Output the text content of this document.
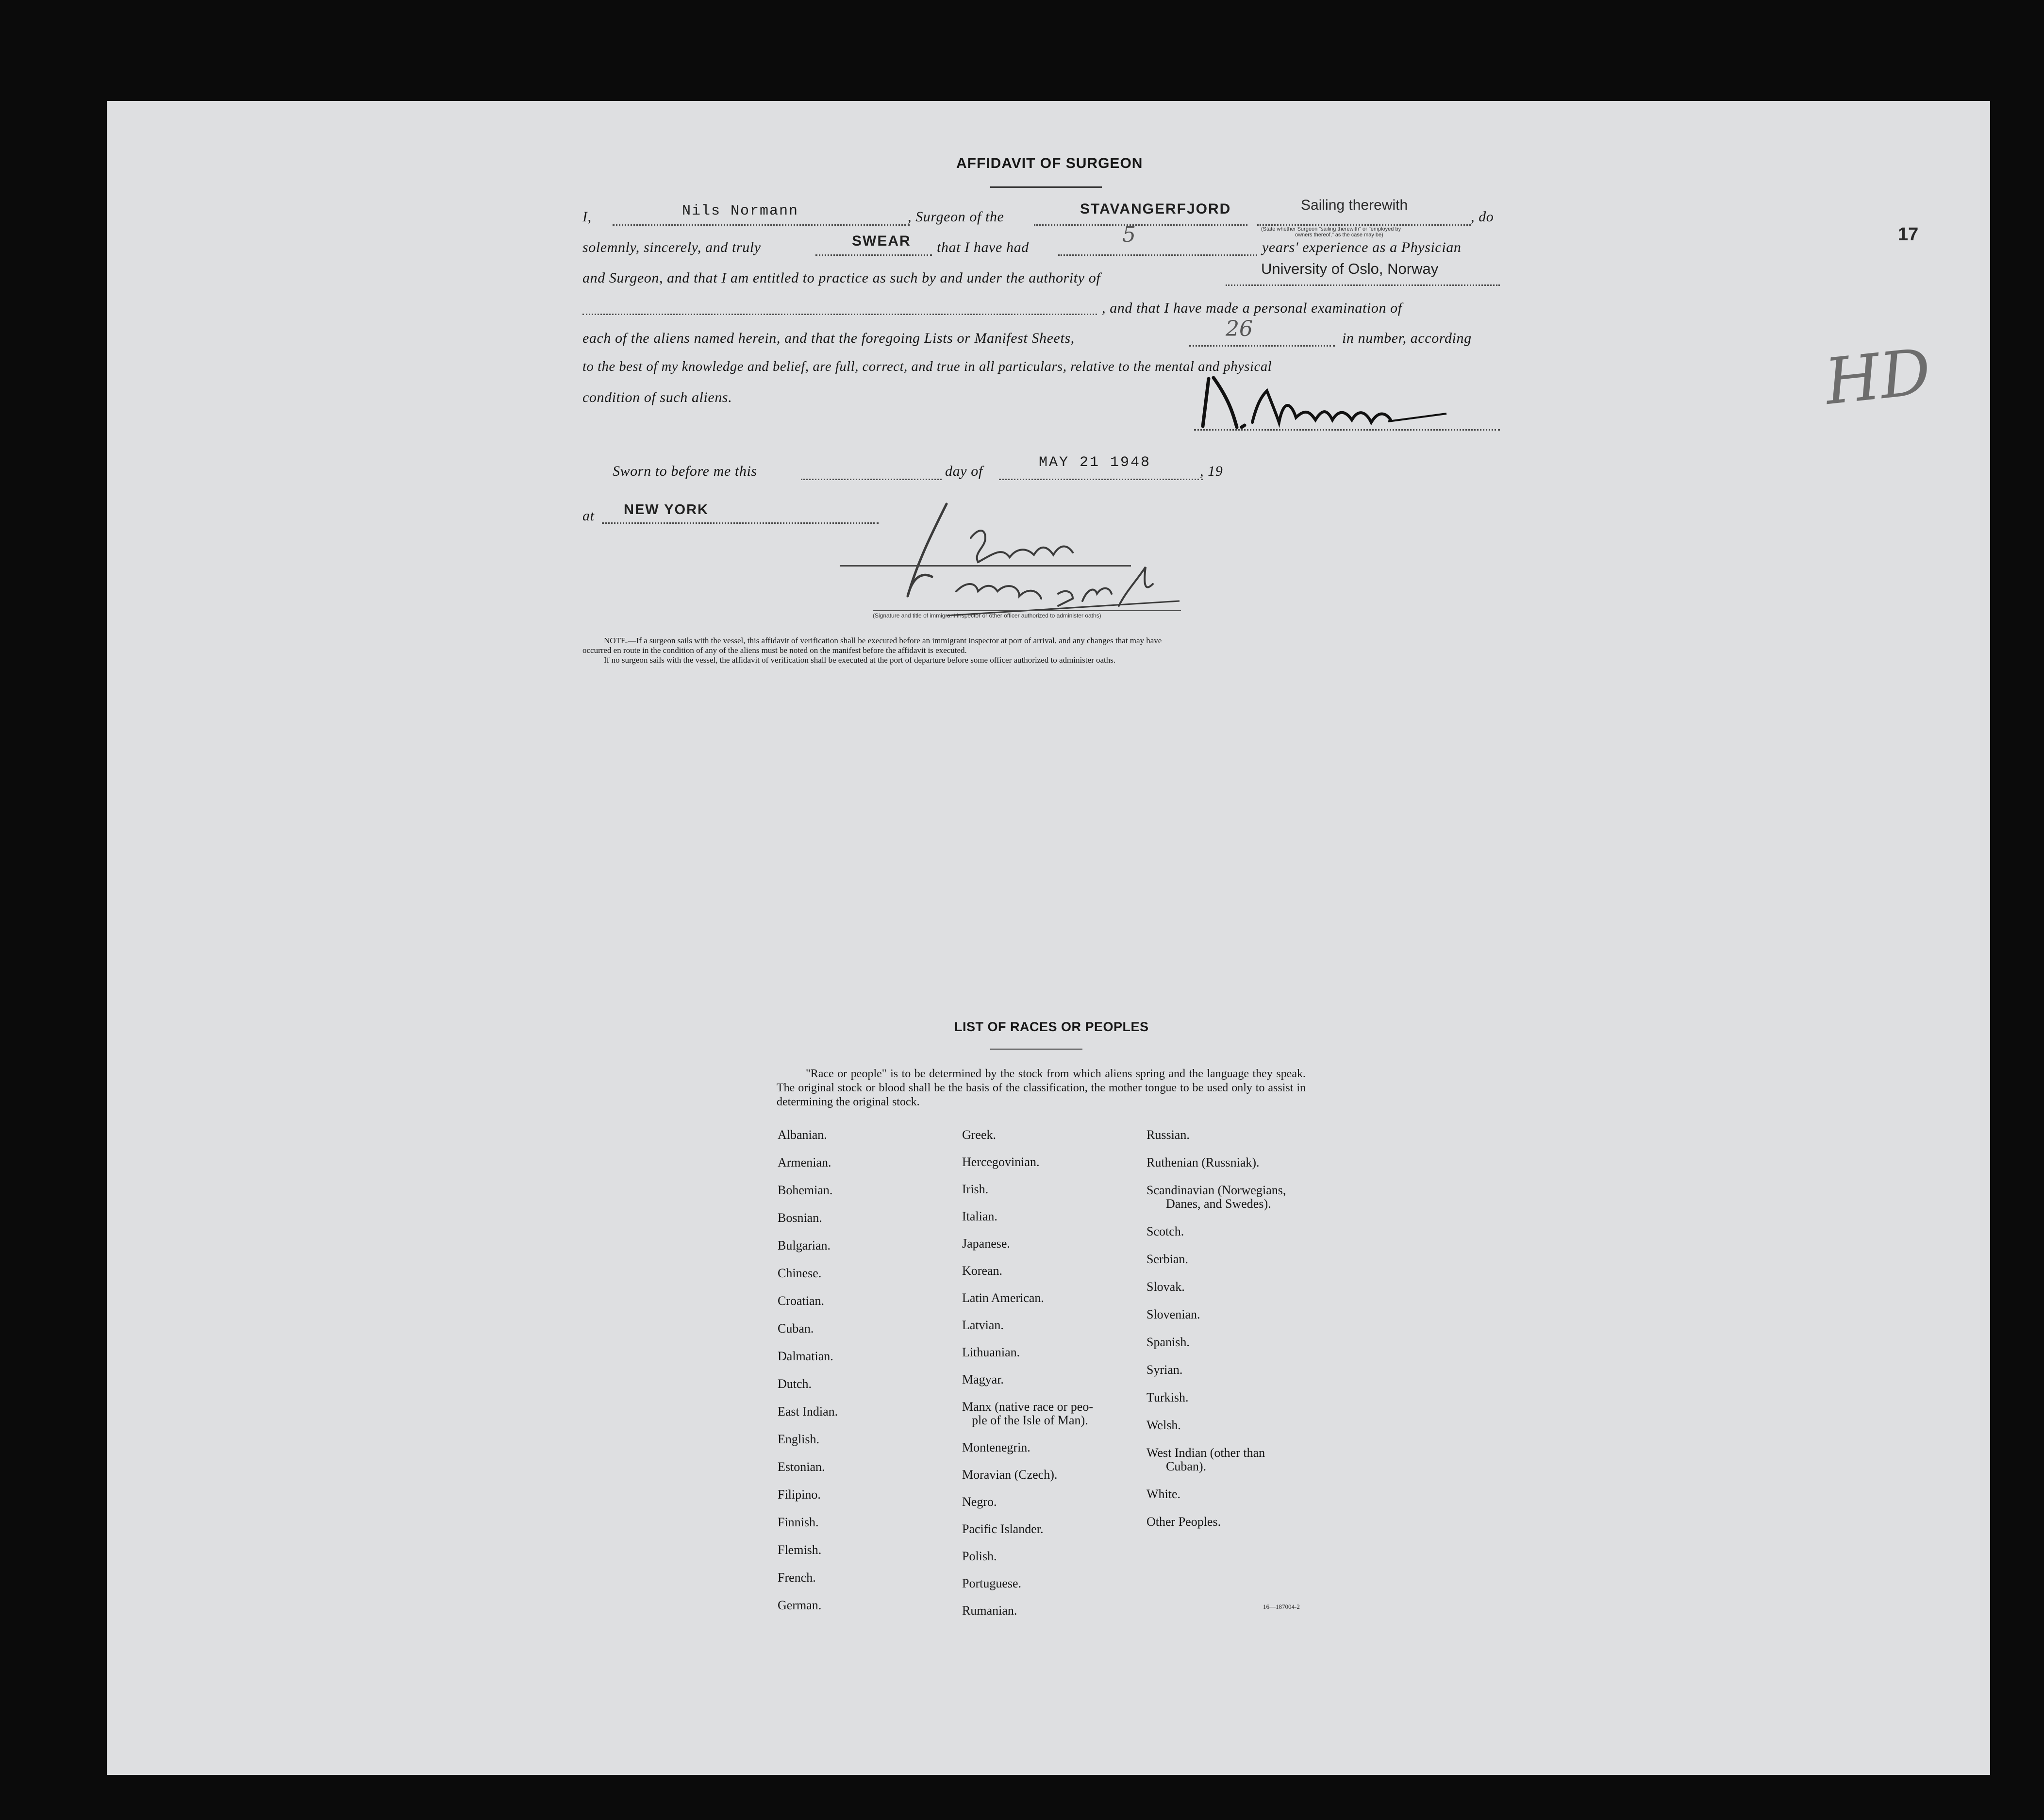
AFFIDAVIT OF SURGEON
I,	Nils Normann	, Surgeon of the	STAVANGERFJORD	Sailing therewith
(State whether Surgeon "sailing therewith" or "employed by
owners thereof," as the case may be)
, do
solemnly, sincerely, and truly	SWEAR that I have had
5
years' experience as a Physician
and Surgeon, and that I am entitled to practice as such by and under the authority of
University of Oslo, Norway
, and that I have made a personal examination of
each of the aliens named herein, and that the foregoing Lists or Manifest Sheets,	26	in number, according
to the best of my knowledge and belief, are full, correct, and true in all particulars, relative to the mental and physical
condition of such aliens.
Sworn to before me this	day of
MAY 21 1948
, 19
at NEW YORK
(Signature and title of immigrant inspector or other officer authorized to administer oaths)
NOTE.—If a surgeon sails with the vessel, this affidavit of verification shall be executed before an immigrant inspector at port of arrival, and any changes that may have
occurred en route in the condition of any of the aliens must be noted on the manifest before the affidavit is executed.
If no surgeon sails with the vessel, the affidavit of verification shall be executed at the port of departure before some officer authorized to administer oaths.
17
HD
LIST OF RACES OR PEOPLES
"Race or people" is to be determined by the stock from which aliens spring and the language they speak. The original stock or blood shall be the basis of the classification, the mother tongue to be used only to assist in determining the original stock.
Albanian.
Armenian.
Bohemian.
Bosnian.
Bulgarian.
Chinese.
Croatian.
Cuban.
Dalmatian.
Dutch.
East Indian.
English.
Estonian.
Filipino.
Finnish.
Flemish.
French.
German.
Greek.
Hercegovinian.
Irish.
Italian.
Japanese.
Korean.
Latin American.
Latvian.
Lithuanian.
Magyar.
Manx (native race or peo-
ple of the Isle of Man).
Montenegrin.
Moravian (Czech).
Negro.
Pacific Islander.
Polish.
Portuguese.
Rumanian.
Russian.
Ruthenian (Russniak).
Scandinavian (Norwegians,
Danes, and Swedes).
Scotch.
Serbian.
Slovak.
Slovenian.
Spanish.
Syrian.
Turkish.
Welsh.
West Indian (other than
Cuban).
White.
Other Peoples.
16—187004-2
